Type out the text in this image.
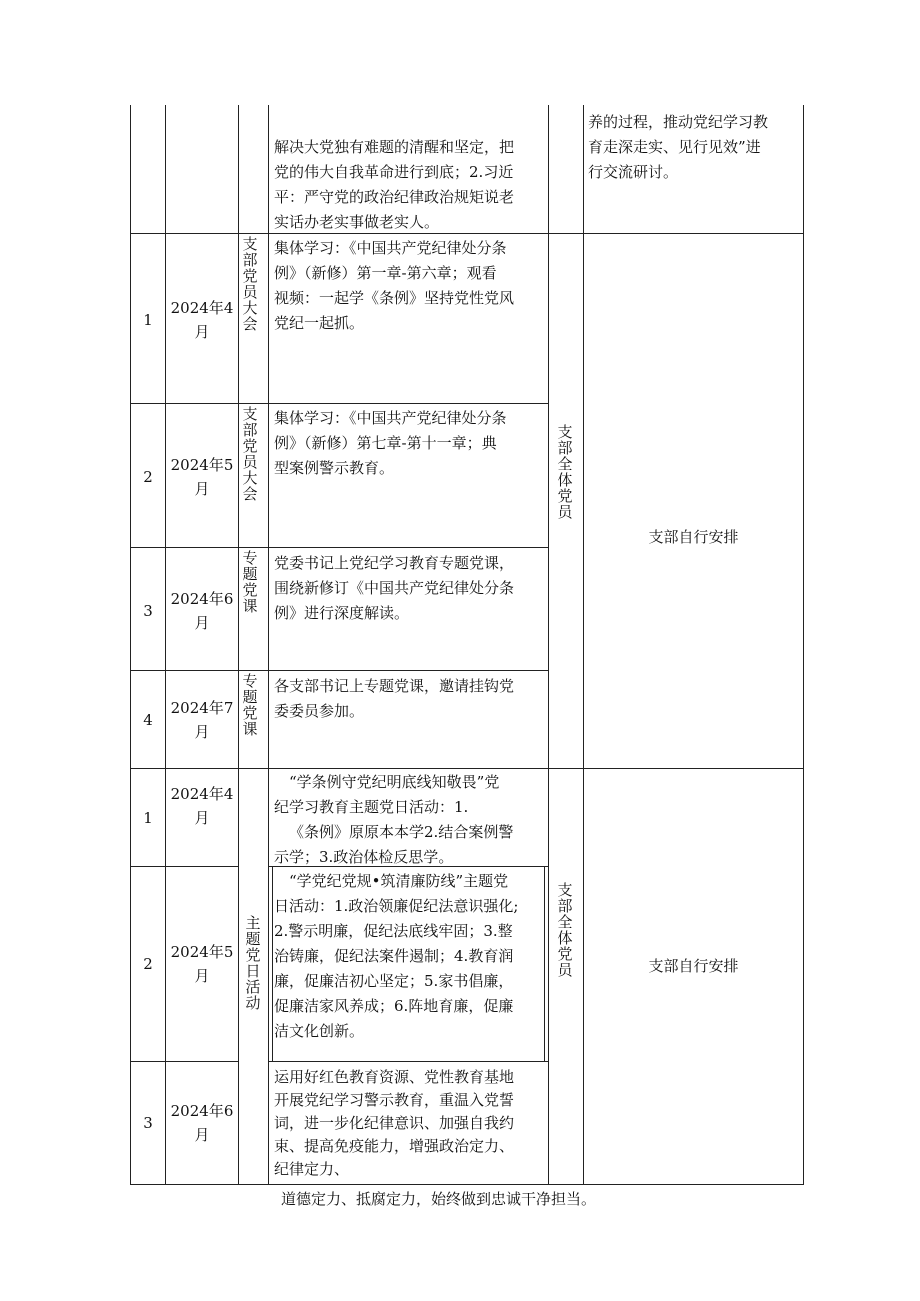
解决大党独有难题的清醒和坚定，把
党的伟大自我革命进行到底；2.习近
平：严守党的政治纪律政治规矩说老
实话办老实事做老实人。
养的过程，推动党纪学习教
育走深走实、见行见效”进
行交流研讨。
1
2024年4
月
支部党员大会
集体学习：《中国共产党纪律处分条
例》（新修）第一章-第六章；观看
视频：一起学《条例》坚持党性党风
党纪一起抓。
2
2024年5
月
支部党员大会
集体学习：《中国共产党纪律处分条
例》（新修）第七章-第十一章；典
型案例警示教育。
3
2024年6
月
专题党课
党委书记上党纪学习教育专题党课，
围绕新修订《中国共产党纪律处分条
例》进行深度解读。
4
2024年7
月
专题党课
各支部书记上专题党课，邀请挂钩党
委委员参加。
支部全体党员
支部自行安排
1
2024年4
月
“学条例守党纪明底线知敬畏”党
纪学习教育主题党日活动：1.
《条例》原原本本学2.结合案例警
示学；3.政治体检反思学。
2
2024年5
月
“学党纪党规•筑清廉防线”主题党
日活动：1.政治领廉促纪法意识强化;
2.警示明廉，促纪法底线牢固；3.整
治铸廉，促纪法案件遏制；4.教育润
廉，促廉洁初心坚定；5.家书倡廉，
促廉洁家风养成；6.阵地育廉，促廉
洁文化创新。
3
2024年6
月
运用好红色教育资源、党性教育基地
开展党纪学习警示教育，重温入党誓
词，进一步化纪律意识、加强自我约
束、提高免疫能力，增强政治定力、
纪律定力、
主题党日活动
支部全体党员	支部自行安排
道德定力、抵腐定力，始终做到忠诚干净担当。
